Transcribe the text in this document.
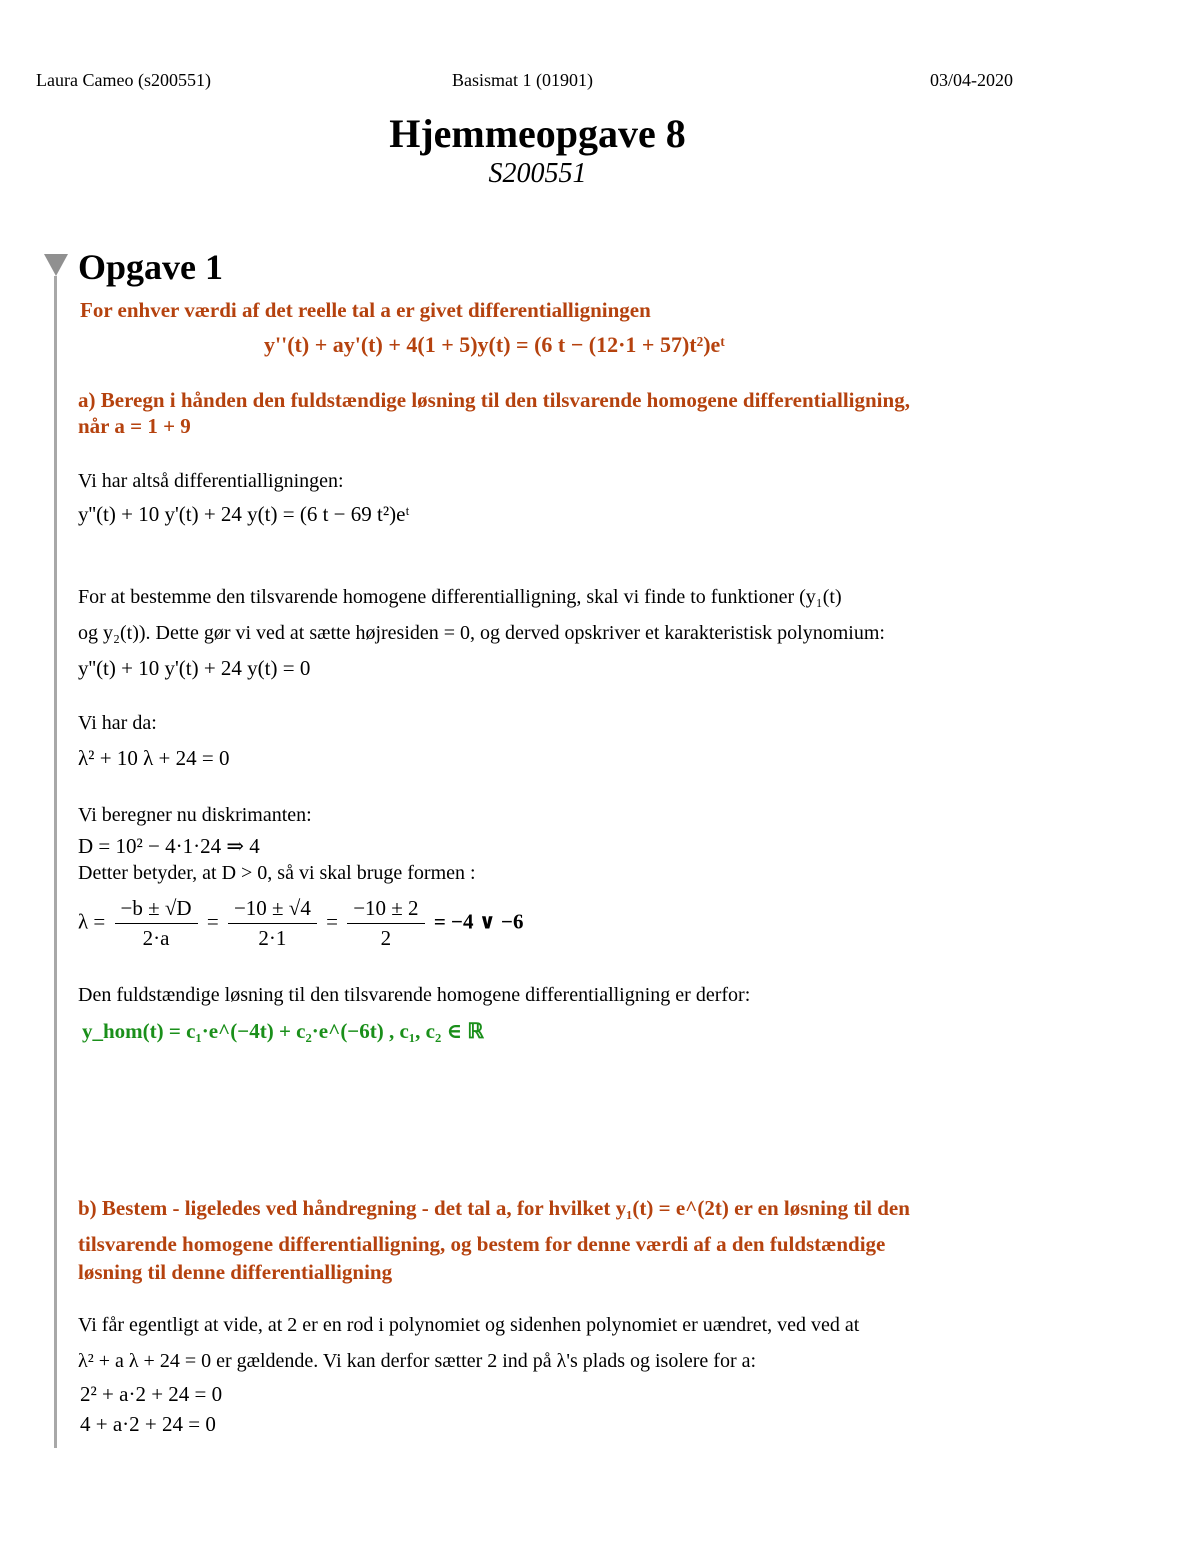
Laura Cameo (s200551)	Basismat 1 (01901)	03/04-2020
Hjemmeopgave 8
S200551
Opgave 1
For enhver værdi af det reelle tal a er givet differentialligningen
y''(t) + ay'(t) + 4(1 + 5)y(t) = (6 t − (12·1 + 57)t²)eᵗ
a) Beregn i hånden den fuldstændige løsning til den tilsvarende homogene differentialligning,
når a = 1 + 9
Vi har altså differentialligningen:
y''(t) + 10 y'(t) + 24 y(t) = (6 t − 69 t²)eᵗ
For at bestemme den tilsvarende homogene differentialligning, skal vi finde to funktioner (y₁(t)
og y₂(t)). Dette gør vi ved at sætte højresiden = 0, og derved opskriver et karakteristisk polynomium:
y''(t) + 10 y'(t) + 24 y(t) = 0
Vi har da:
λ² + 10 λ + 24 = 0
Vi beregner nu diskrimanten:
D = 10² − 4·1·24 ⇒ 4
Detter betyder, at D > 0, så vi skal bruge formen :
$\lambda = \frac{-b \pm √D}{2\cdot a} = \frac{-10 \pm √4}{2\cdot 1} = \frac{-10 \pm 2}{2} = -4$ ∨ −6
Den fuldstændige løsning til den tilsvarende homogene differentialligning er derfor:
y_hom(t) = c₁·e^(−4t) + c₂·e^(−6t) , c₁, c₂ ∈ ℝ
b) Bestem - ligeledes ved håndregning - det tal a, for hvilket y₁(t) = e^(2t) er en løsning til den
tilsvarende homogene differentialligning, og bestem for denne værdi af a den fuldstændige
løsning til denne differentialligning
Vi får egentligt at vide, at 2 er en rod i polynomiet og sidenhen polynomiet er uændret, ved ved at
λ² + a λ + 24 = 0 er gældende. Vi kan derfor sætter 2 ind på λ's plads og isolere for a:
2² + a·2 + 24 = 0
4 + a·2 + 24 = 0
